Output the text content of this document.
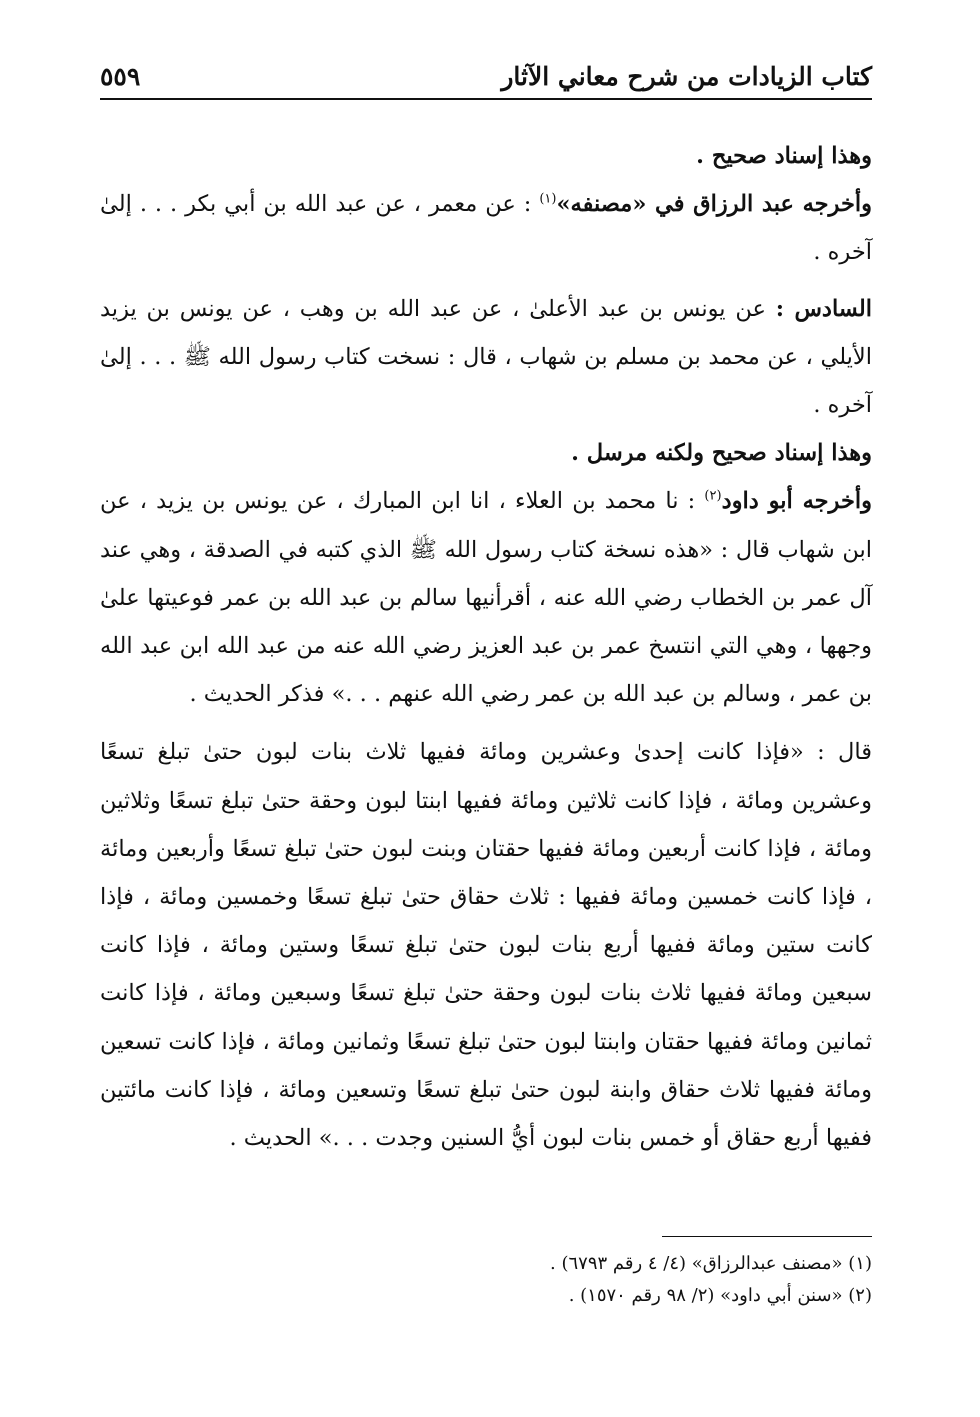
كتاب الزيادات من شرح معاني الآثار
٥٥٩

وهذا إسناد صحيح .

وأخرجه عبد الرزاق في «مصنفه»$^{(١)}$ : عن معمر ، عن عبد الله بن أبي بكر . . . إلىٰ آخره .

السادس : عن يونس بن عبد الأعلىٰ ، عن عبد الله بن وهب ، عن يونس بن يزيد الأيلي ، عن محمد بن مسلم بن شهاب ، قال : نسخت كتاب رسول الله ﷺ . . . إلىٰ آخره .

وهذا إسناد صحيح ولكنه مرسل .

وأخرجه أبو داود$^{(٢)}$ : نا محمد بن العلاء ، انا ابن المبارك ، عن يونس بن يزيد ، عن ابن شهاب قال : «هذه نسخة كتاب رسول الله ﷺ الذي كتبه في الصدقة ، وهي عند آل عمر بن الخطاب رضي الله عنه ، أقرأنيها سالم بن عبد الله بن عمر فوعيتها علىٰ وجهها ، وهي التي انتسخ عمر بن عبد العزيز رضي الله عنه من عبد الله ابن عبد الله بن عمر ، وسالم بن عبد الله بن عمر رضي الله عنهم . . .» فذكر الحديث .

قال : «فإذا كانت إحدىٰ وعشرين ومائة ففيها ثلاث بنات لبون حتىٰ تبلغ تسعًا وعشرين ومائة ، فإذا كانت ثلاثين ومائة ففيها ابنتا لبون وحقة حتىٰ تبلغ تسعًا وثلاثين ومائة ، فإذا كانت أربعين ومائة ففيها حقتان وبنت لبون حتىٰ تبلغ تسعًا وأربعين ومائة ، فإذا كانت خمسين ومائة ففيها : ثلاث حقاق حتىٰ تبلغ تسعًا وخمسين ومائة ، فإذا كانت ستين ومائة ففيها أربع بنات لبون حتىٰ تبلغ تسعًا وستين ومائة ، فإذا كانت سبعين ومائة ففيها ثلاث بنات لبون وحقة حتىٰ تبلغ تسعًا وسبعين ومائة ، فإذا كانت ثمانين ومائة ففيها حقتان وابنتا لبون حتىٰ تبلغ تسعًا وثمانين ومائة ، فإذا كانت تسعين ومائة ففيها ثلاث حقاق وابنة لبون حتىٰ تبلغ تسعًا وتسعين ومائة ، فإذا كانت مائتين ففيها أربع حقاق أو خمس بنات لبون أيُّ السنين وجدت . . .» الحديث .

(١) «مصنف عبدالرزاق» (٤/ ٤ رقم ٦٧٩٣) .
(٢) «سنن أبي داود» (٢/ ٩٨ رقم ١٥٧٠) .
